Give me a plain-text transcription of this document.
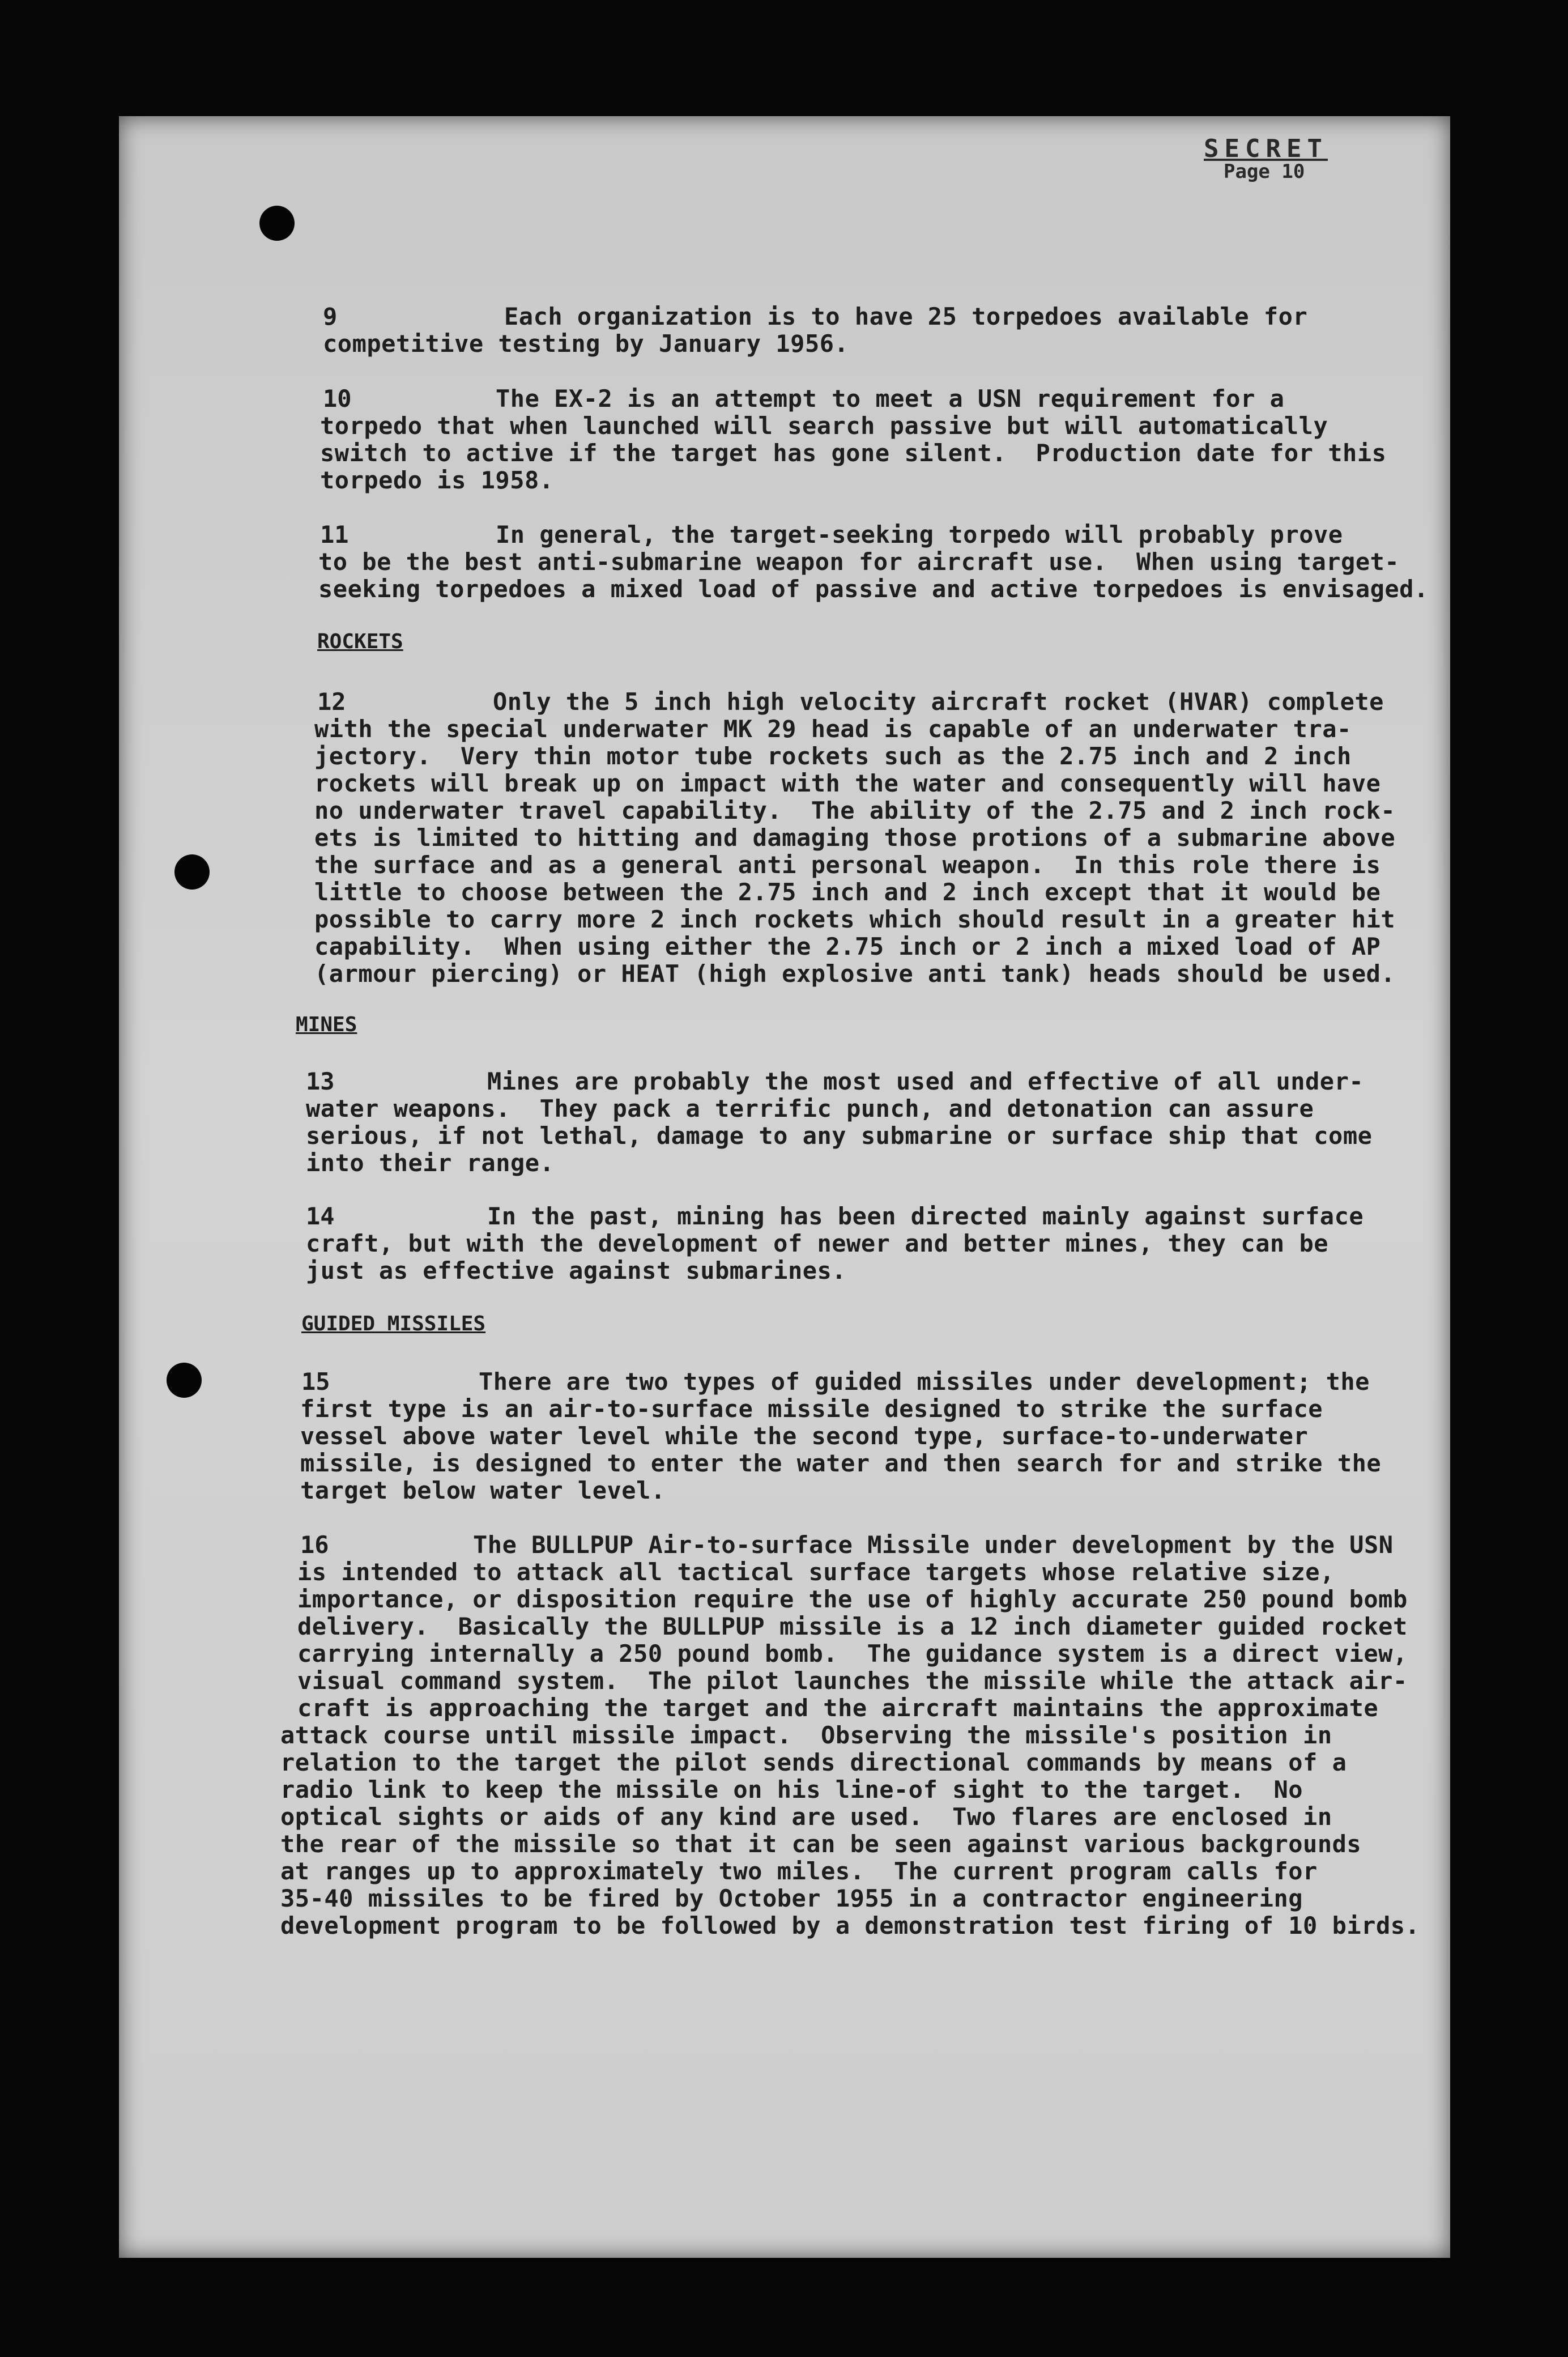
SECRET
Page 10
9	Each organization is to have 25 torpedoes available for
competitive testing by January 1956.
10	The EX-2 is an attempt to meet a USN requirement for a
torpedo that when launched will search passive but will automatically
switch to active if the target has gone silent.  Production date for this
torpedo is 1958.
11	In general, the target-seeking torpedo will probably prove
to be the best anti-submarine weapon for aircraft use.  When using target-
seeking torpedoes a mixed load of passive and active torpedoes is envisaged.
ROCKETS
12	Only the 5 inch high velocity aircraft rocket (HVAR) complete
with the special underwater MK 29 head is capable of an underwater tra-
jectory.  Very thin motor tube rockets such as the 2.75 inch and 2 inch
rockets will break up on impact with the water and consequently will have
no underwater travel capability.  The ability of the 2.75 and 2 inch rock-
ets is limited to hitting and damaging those protions of a submarine above
the surface and as a general anti personal weapon.  In this role there is
little to choose between the 2.75 inch and 2 inch except that it would be
possible to carry more 2 inch rockets which should result in a greater hit
capability.  When using either the 2.75 inch or 2 inch a mixed load of AP
(armour piercing) or HEAT (high explosive anti tank) heads should be used.
MINES
13	Mines are probably the most used and effective of all under-
water weapons.  They pack a terrific punch, and detonation can assure
serious, if not lethal, damage to any submarine or surface ship that come
into their range.
14	In the past, mining has been directed mainly against surface
craft, but with the development of newer and better mines, they can be
just as effective against submarines.
GUIDED MISSILES
15	There are two types of guided missiles under development; the
first type is an air-to-surface missile designed to strike the surface
vessel above water level while the second type, surface-to-underwater
missile, is designed to enter the water and then search for and strike the
target below water level.
16	The BULLPUP Air-to-surface Missile under development by the USN
is intended to attack all tactical surface targets whose relative size,
importance, or disposition require the use of highly accurate 250 pound bomb
delivery.  Basically the BULLPUP missile is a 12 inch diameter guided rocket
carrying internally a 250 pound bomb.  The guidance system is a direct view,
visual command system.  The pilot launches the missile while the attack air-
craft is approaching the target and the aircraft maintains the approximate
attack course until missile impact.  Observing the missile's position in
relation to the target the pilot sends directional commands by means of a
radio link to keep the missile on his line-of sight to the target.  No
optical sights or aids of any kind are used.  Two flares are enclosed in
the rear of the missile so that it can be seen against various backgrounds
at ranges up to approximately two miles.  The current program calls for
35-40 missiles to be fired by October 1955 in a contractor engineering
development program to be followed by a demonstration test firing of 10 birds.
